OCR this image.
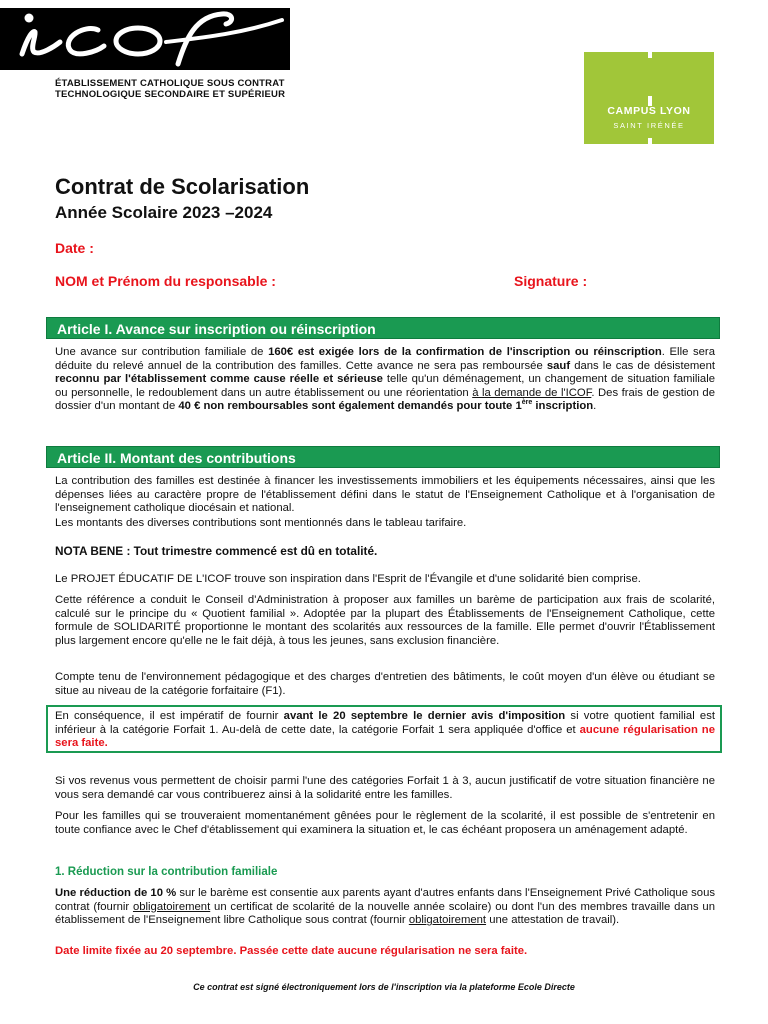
icof
ÉTABLISSEMENT CATHOLIQUE SOUS CONTRAT
TECHNOLOGIQUE SECONDAIRE ET SUPÉRIEUR
CAMPUS LYON
SAINT IRÉNÉE
Contrat de Scolarisation
Année Scolaire 2023 –2024
Date :
NOM et Prénom du responsable :	Signature :
Article I. Avance sur inscription ou réinscription
Une avance sur contribution familiale de 160€ est exigée lors de la confirmation de l'inscription ou réinscription. Elle sera déduite du relevé annuel de la contribution des familles. Cette avance ne sera pas remboursée sauf dans le cas de désistement reconnu par l'établissement comme cause réelle et sérieuse telle qu'un déménagement, un changement de situation familiale ou personnelle, le redoublement dans un autre établissement ou une réorientation à la demande de l'ICOF. Des frais de gestion de dossier d'un montant de 40 € non remboursables sont également demandés pour toute 1ère inscription.
Article II. Montant des contributions
La contribution des familles est destinée à financer les investissements immobiliers et les équipements nécessaires, ainsi que les dépenses liées au caractère propre de l'établissement défini dans le statut de l'Enseignement Catholique et à l'organisation de l'enseignement catholique diocésain et national.
Les montants des diverses contributions sont mentionnés dans le tableau tarifaire.
NOTA BENE : Tout trimestre commencé est dû en totalité.
Le PROJET ÉDUCATIF DE L'ICOF trouve son inspiration dans l'Esprit de l'Évangile et d'une solidarité bien comprise.
Cette référence a conduit le Conseil d'Administration à proposer aux familles un barème de participation aux frais de scolarité, calculé sur le principe du « Quotient familial ». Adoptée par la plupart des Établissements de l'Enseignement Catholique, cette formule de SOLIDARITÉ proportionne le montant des scolarités aux ressources de la famille. Elle permet d'ouvrir l'Établissement plus largement encore qu'elle ne le fait déjà, à tous les jeunes, sans exclusion financière.
Compte tenu de l'environnement pédagogique et des charges d'entretien des bâtiments, le coût moyen d'un élève ou étudiant se situe au niveau de la catégorie forfaitaire (F1).
En conséquence, il est impératif de fournir avant le 20 septembre le dernier avis d'imposition si votre quotient familial est inférieur à la catégorie Forfait 1. Au-delà de cette date, la catégorie Forfait 1 sera appliquée d'office et aucune régularisation ne sera faite.
Si vos revenus vous permettent de choisir parmi l'une des catégories Forfait 1 à 3, aucun justificatif de votre situation financière ne vous sera demandé car vous contribuerez ainsi à la solidarité entre les familles.
Pour les familles qui se trouveraient momentanément gênées pour le règlement de la scolarité, il est possible de s'entretenir en toute confiance avec le Chef d'établissement qui examinera la situation et, le cas échéant proposera un aménagement adapté.
1. Réduction sur la contribution familiale
Une réduction de 10 % sur le barème est consentie aux parents ayant d'autres enfants dans l'Enseignement Privé Catholique sous contrat (fournir obligatoirement un certificat de scolarité de la nouvelle année scolaire) ou dont l'un des membres travaille dans un établissement de l'Enseignement libre Catholique sous contrat (fournir obligatoirement une attestation de travail).
Date limite fixée au 20 septembre. Passée cette date aucune régularisation ne sera faite.
Ce contrat est signé électroniquement lors de l'inscription via la plateforme Ecole Directe
